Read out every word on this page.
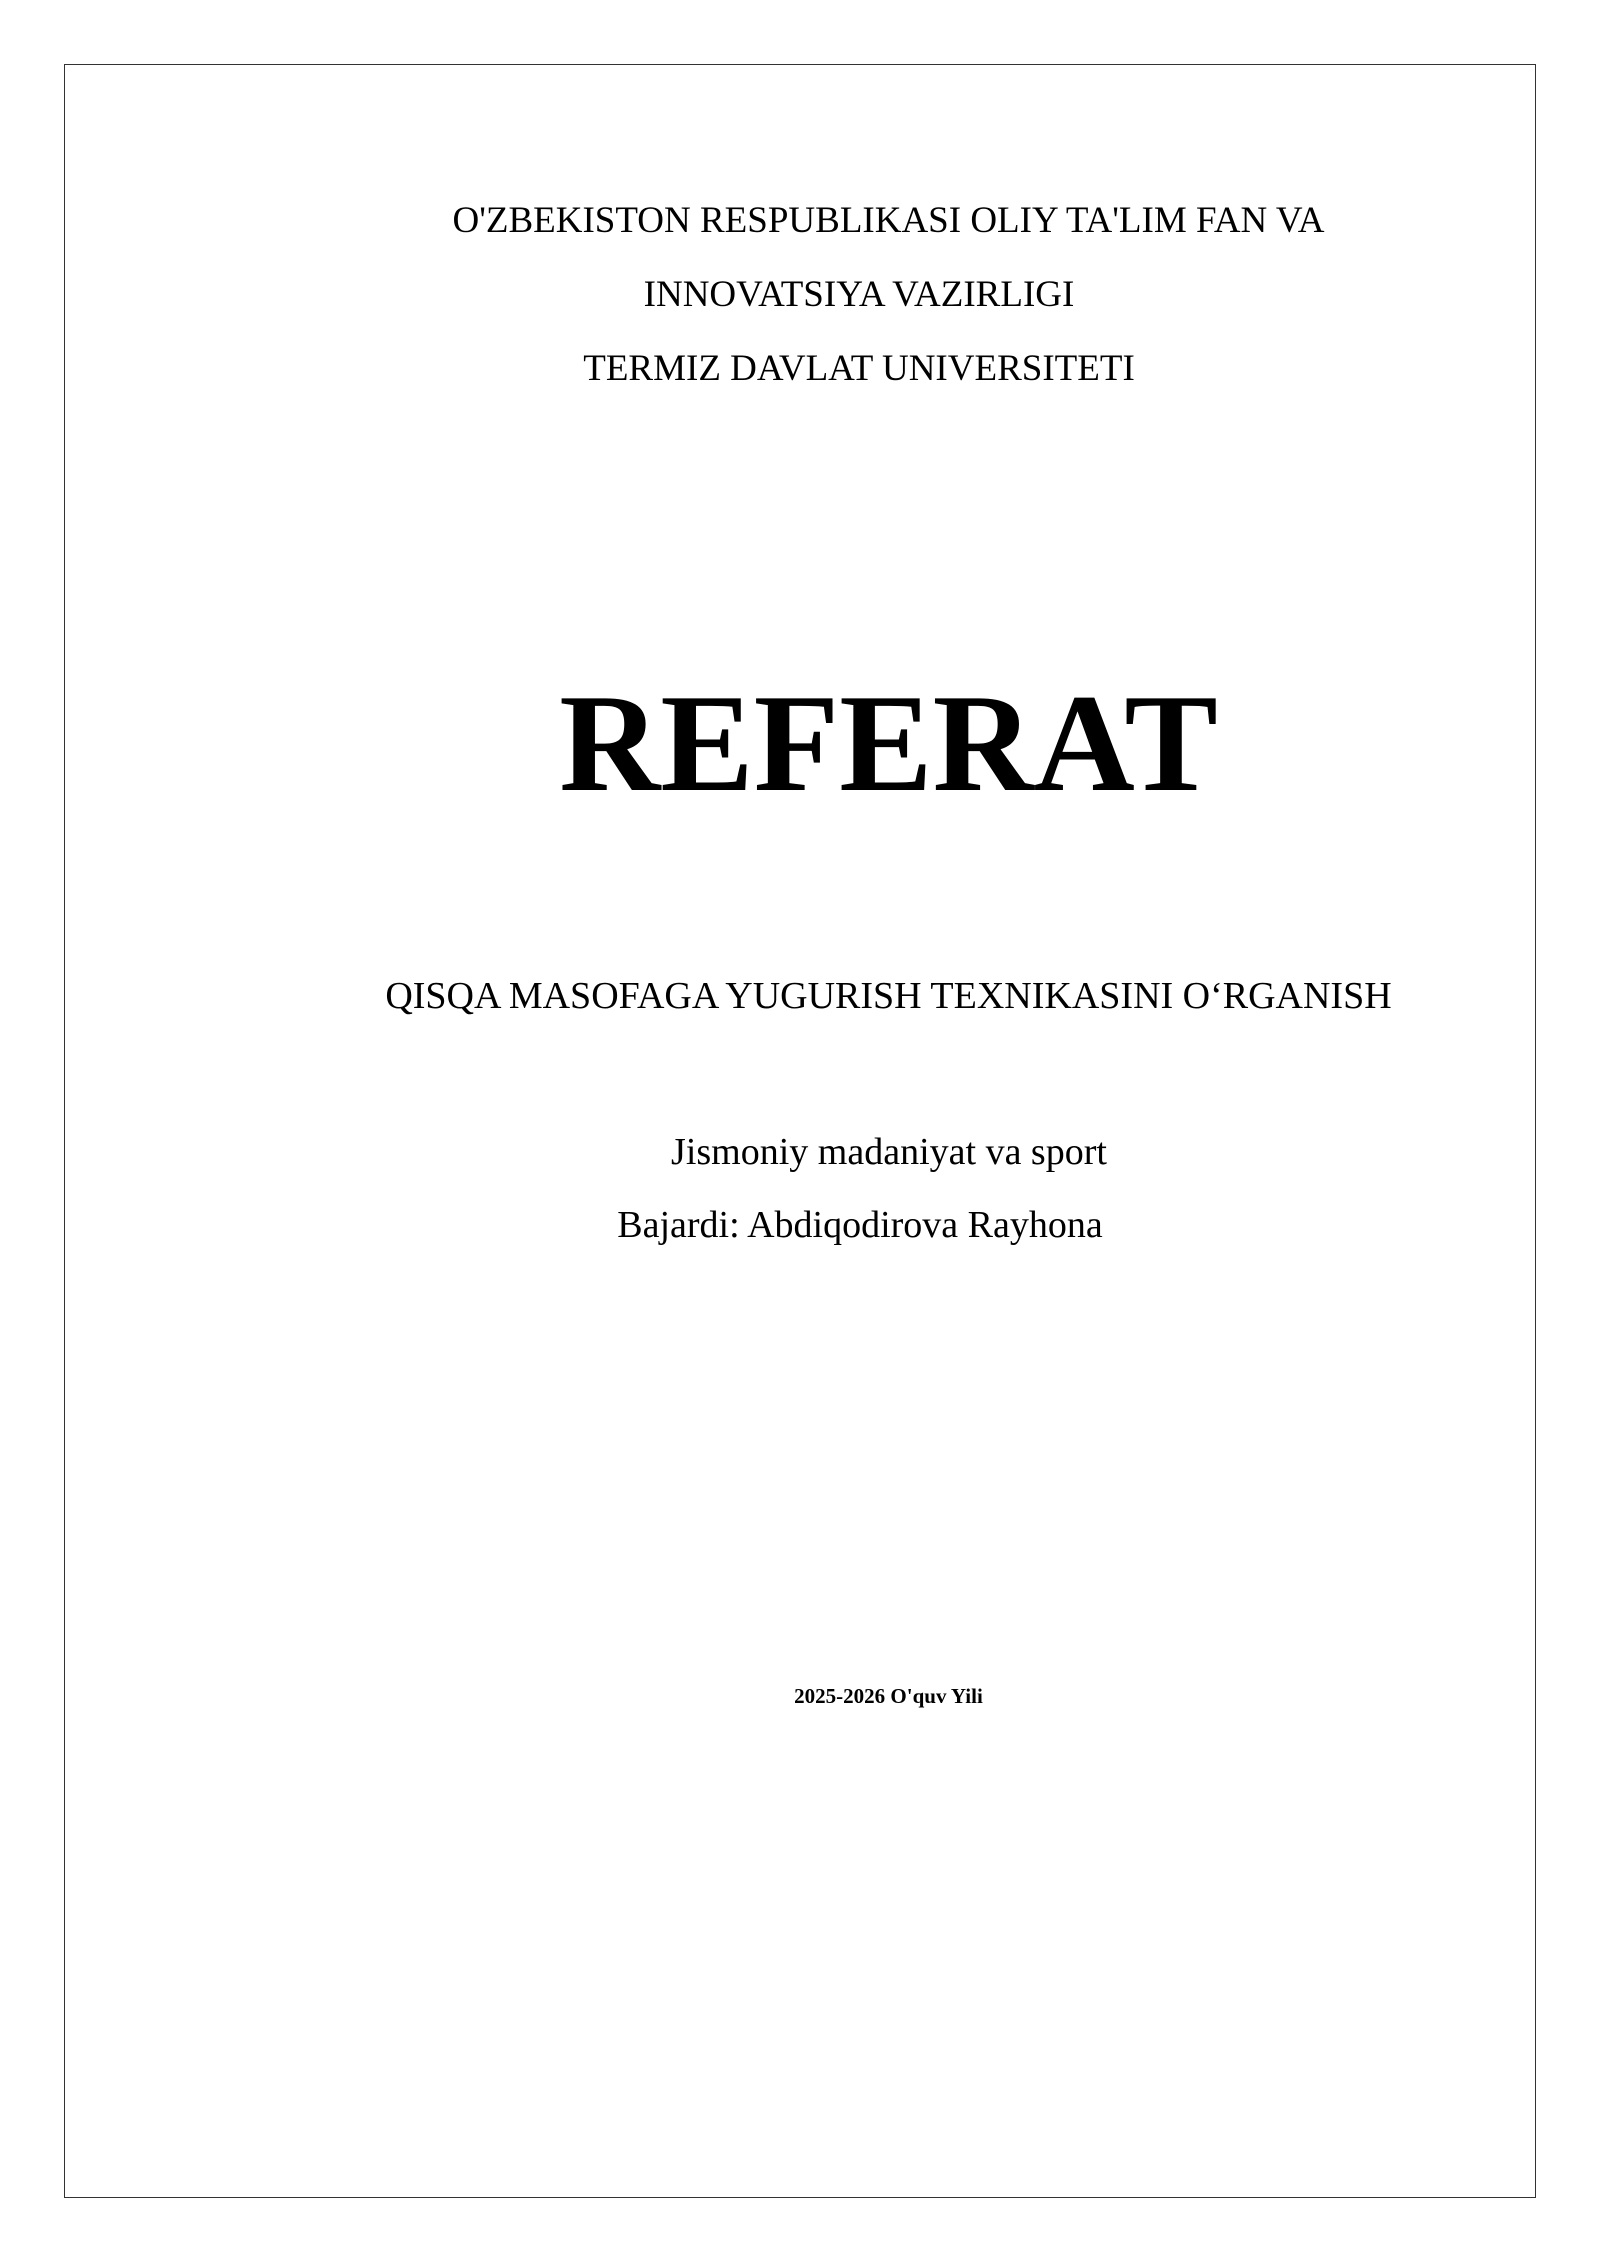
O'ZBEKISTON RESPUBLIKASI OLIY TA'LIM FAN VA
INNOVATSIYA VAZIRLIGI
TERMIZ DAVLAT UNIVERSITETI
REFERAT
QISQA MASOFAGA YUGURISH TEXNIKASINI O‘RGANISH
Jismoniy madaniyat va sport
Bajardi: Abdiqodirova Rayhona
2025-2026 O'quv Yili
